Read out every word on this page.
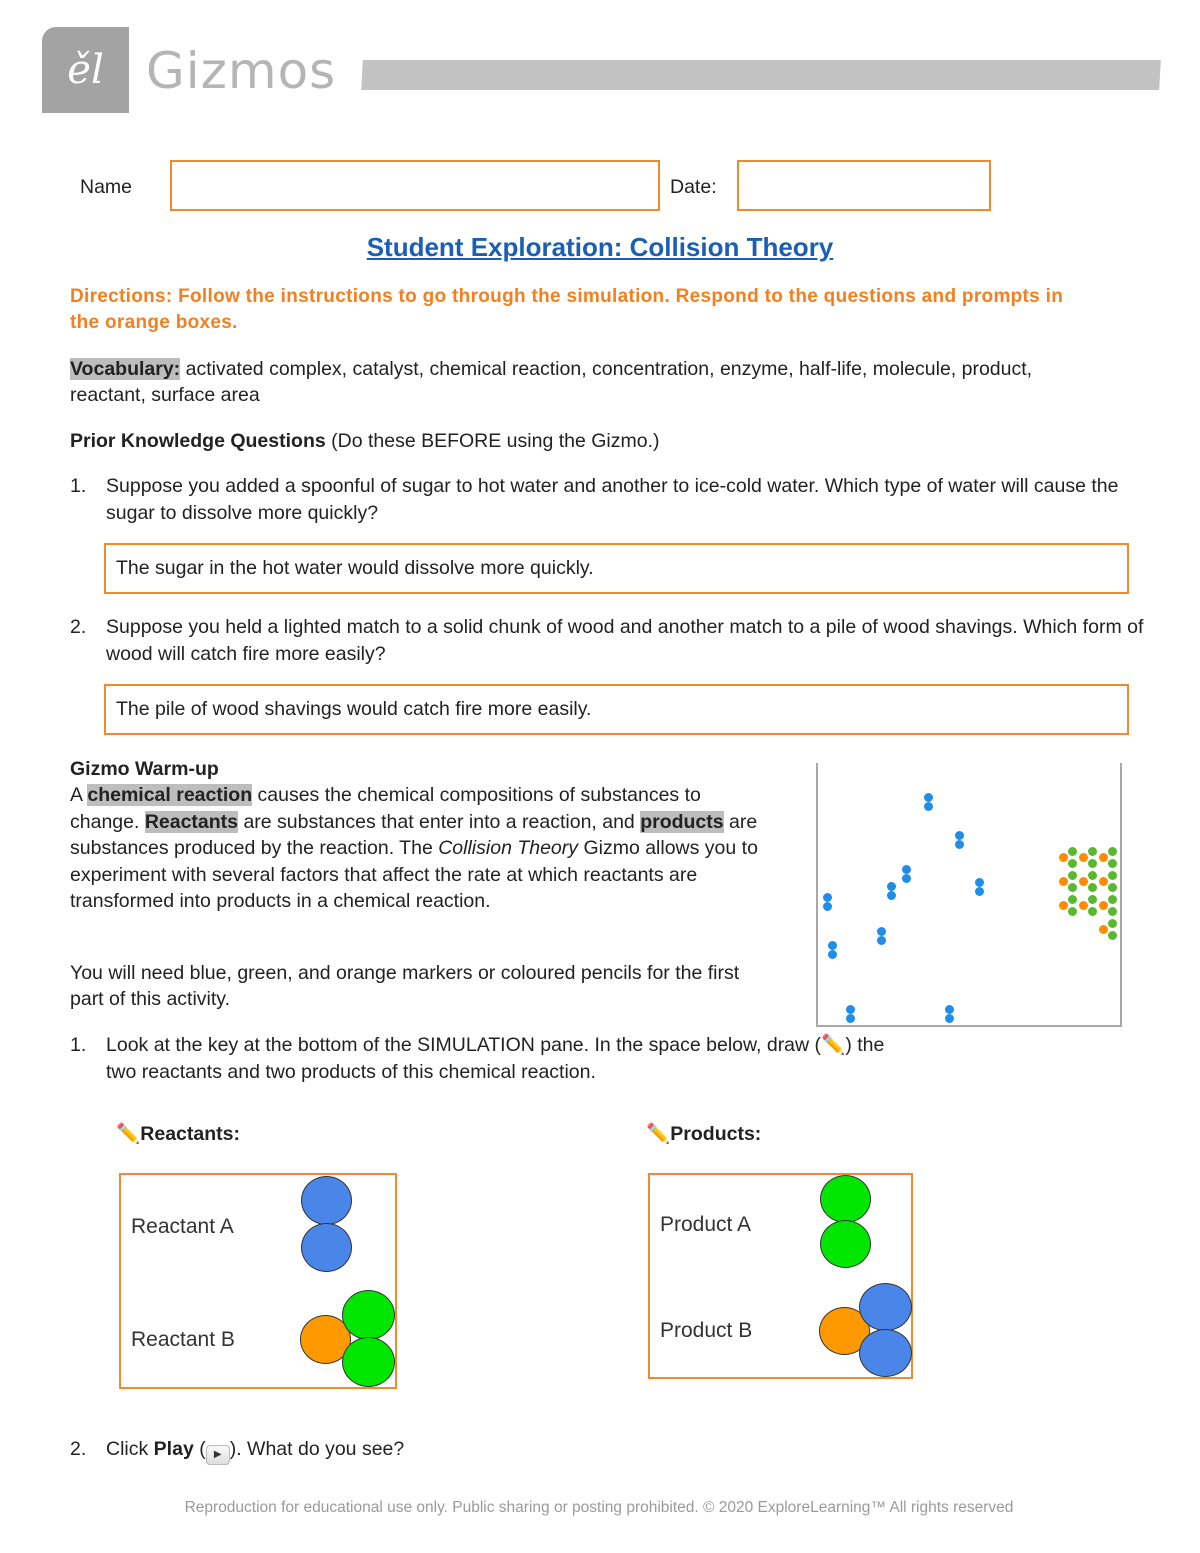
ěl Gizmos
Name	Date:
Student Exploration: Collision Theory
Directions: Follow the instructions to go through the simulation. Respond to the questions and prompts in the orange boxes.
Vocabulary: activated complex, catalyst, chemical reaction, concentration, enzyme, half-life, molecule, product, reactant, surface area
Prior Knowledge Questions (Do these BEFORE using the Gizmo.)
1. Suppose you added a spoonful of sugar to hot water and another to ice-cold water. Which type of water will cause the sugar to dissolve more quickly?
The sugar in the hot water would dissolve more quickly.
2. Suppose you held a lighted match to a solid chunk of wood and another match to a pile of wood shavings. Which form of wood will catch fire more easily?
The pile of wood shavings would catch fire more easily.
Gizmo Warm-up
A chemical reaction causes the chemical compositions of substances to change. Reactants are substances that enter into a reaction, and products are substances produced by the reaction. The Collision Theory Gizmo allows you to experiment with several factors that affect the rate at which reactants are transformed into products in a chemical reaction.
You will need blue, green, and orange markers or coloured pencils for the first part of this activity.
1. Look at the key at the bottom of the SIMULATION pane. In the space below, draw (✏️) the two reactants and two products of this chemical reaction.
✏️Reactants:	✏️Products:
Reactant A
Reactant B
Product A
Product B
2. Click Play ( ▶ ). What do you see?
Reproduction for educational use only. Public sharing or posting prohibited. © 2020 ExploreLearning™ All rights reserved
